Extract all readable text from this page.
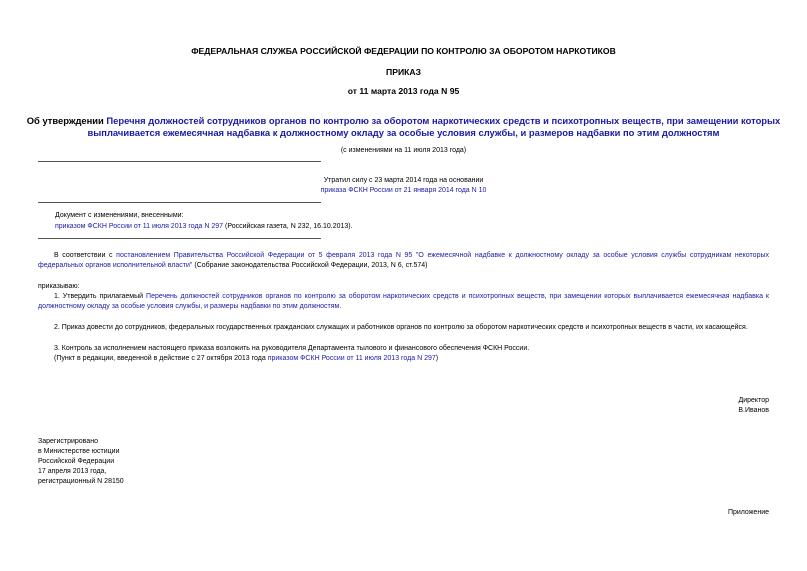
ФЕДЕРАЛЬНАЯ СЛУЖБА РОССИЙСКОЙ ФЕДЕРАЦИИ ПО КОНТРОЛЮ ЗА ОБОРОТОМ НАРКОТИКОВ
ПРИКАЗ
от 11 марта 2013 года N 95
Об утверждении Перечня должностей сотрудников органов по контролю за оборотом наркотических средств и психотропных веществ, при замещении которых
выплачивается ежемесячная надбавка к должностному окладу за особые условия службы, и размеров надбавки по этим должностям
(с изменениями на 11 июля 2013 года)
Утратил силу с 23 марта 2014 года на основании
приказа ФСКН России от 21 января 2014 года N 10
Документ с изменениями, внесенными:
приказом ФСКН России от 11 июля 2013 года N 297 (Российская газета, N 232, 16.10.2013).
В соответствии с постановлением Правительства Российской Федерации от 5 февраля 2013 года N 95 "О ежемесячной надбавке к должностному окладу за особые условия службы сотрудникам некоторых
федеральных органов исполнительной власти" (Собрание законодательства Российской Федерации, 2013, N 6, ст.574)
приказываю:
1. Утвердить прилагаемый Перечень должностей сотрудников органов по контролю за оборотом наркотических средств и психотропных веществ, при замещении которых выплачивается ежемесячная надбавка к
должностному окладу за особые условия службы, и размеры надбавки по этим должностям.
2. Приказ довести до сотрудников, федеральных государственных гражданских служащих и работников органов по контролю за оборотом наркотических средств и психотропных веществ в части, их касающейся.
3. Контроль за исполнением настоящего приказа возложить на руководителя Департамента тылового и финансового обеспечения ФСКН России.
(Пункт в редакции, введенной в действие с 27 октября 2013 года приказом ФСКН России от 11 июля 2013 года N 297)
Директор
В.Иванов
Зарегистрировано
в Министерстве юстиции
Российской Федерации
17 апреля 2013 года,
регистрационный N 28150
Приложение
